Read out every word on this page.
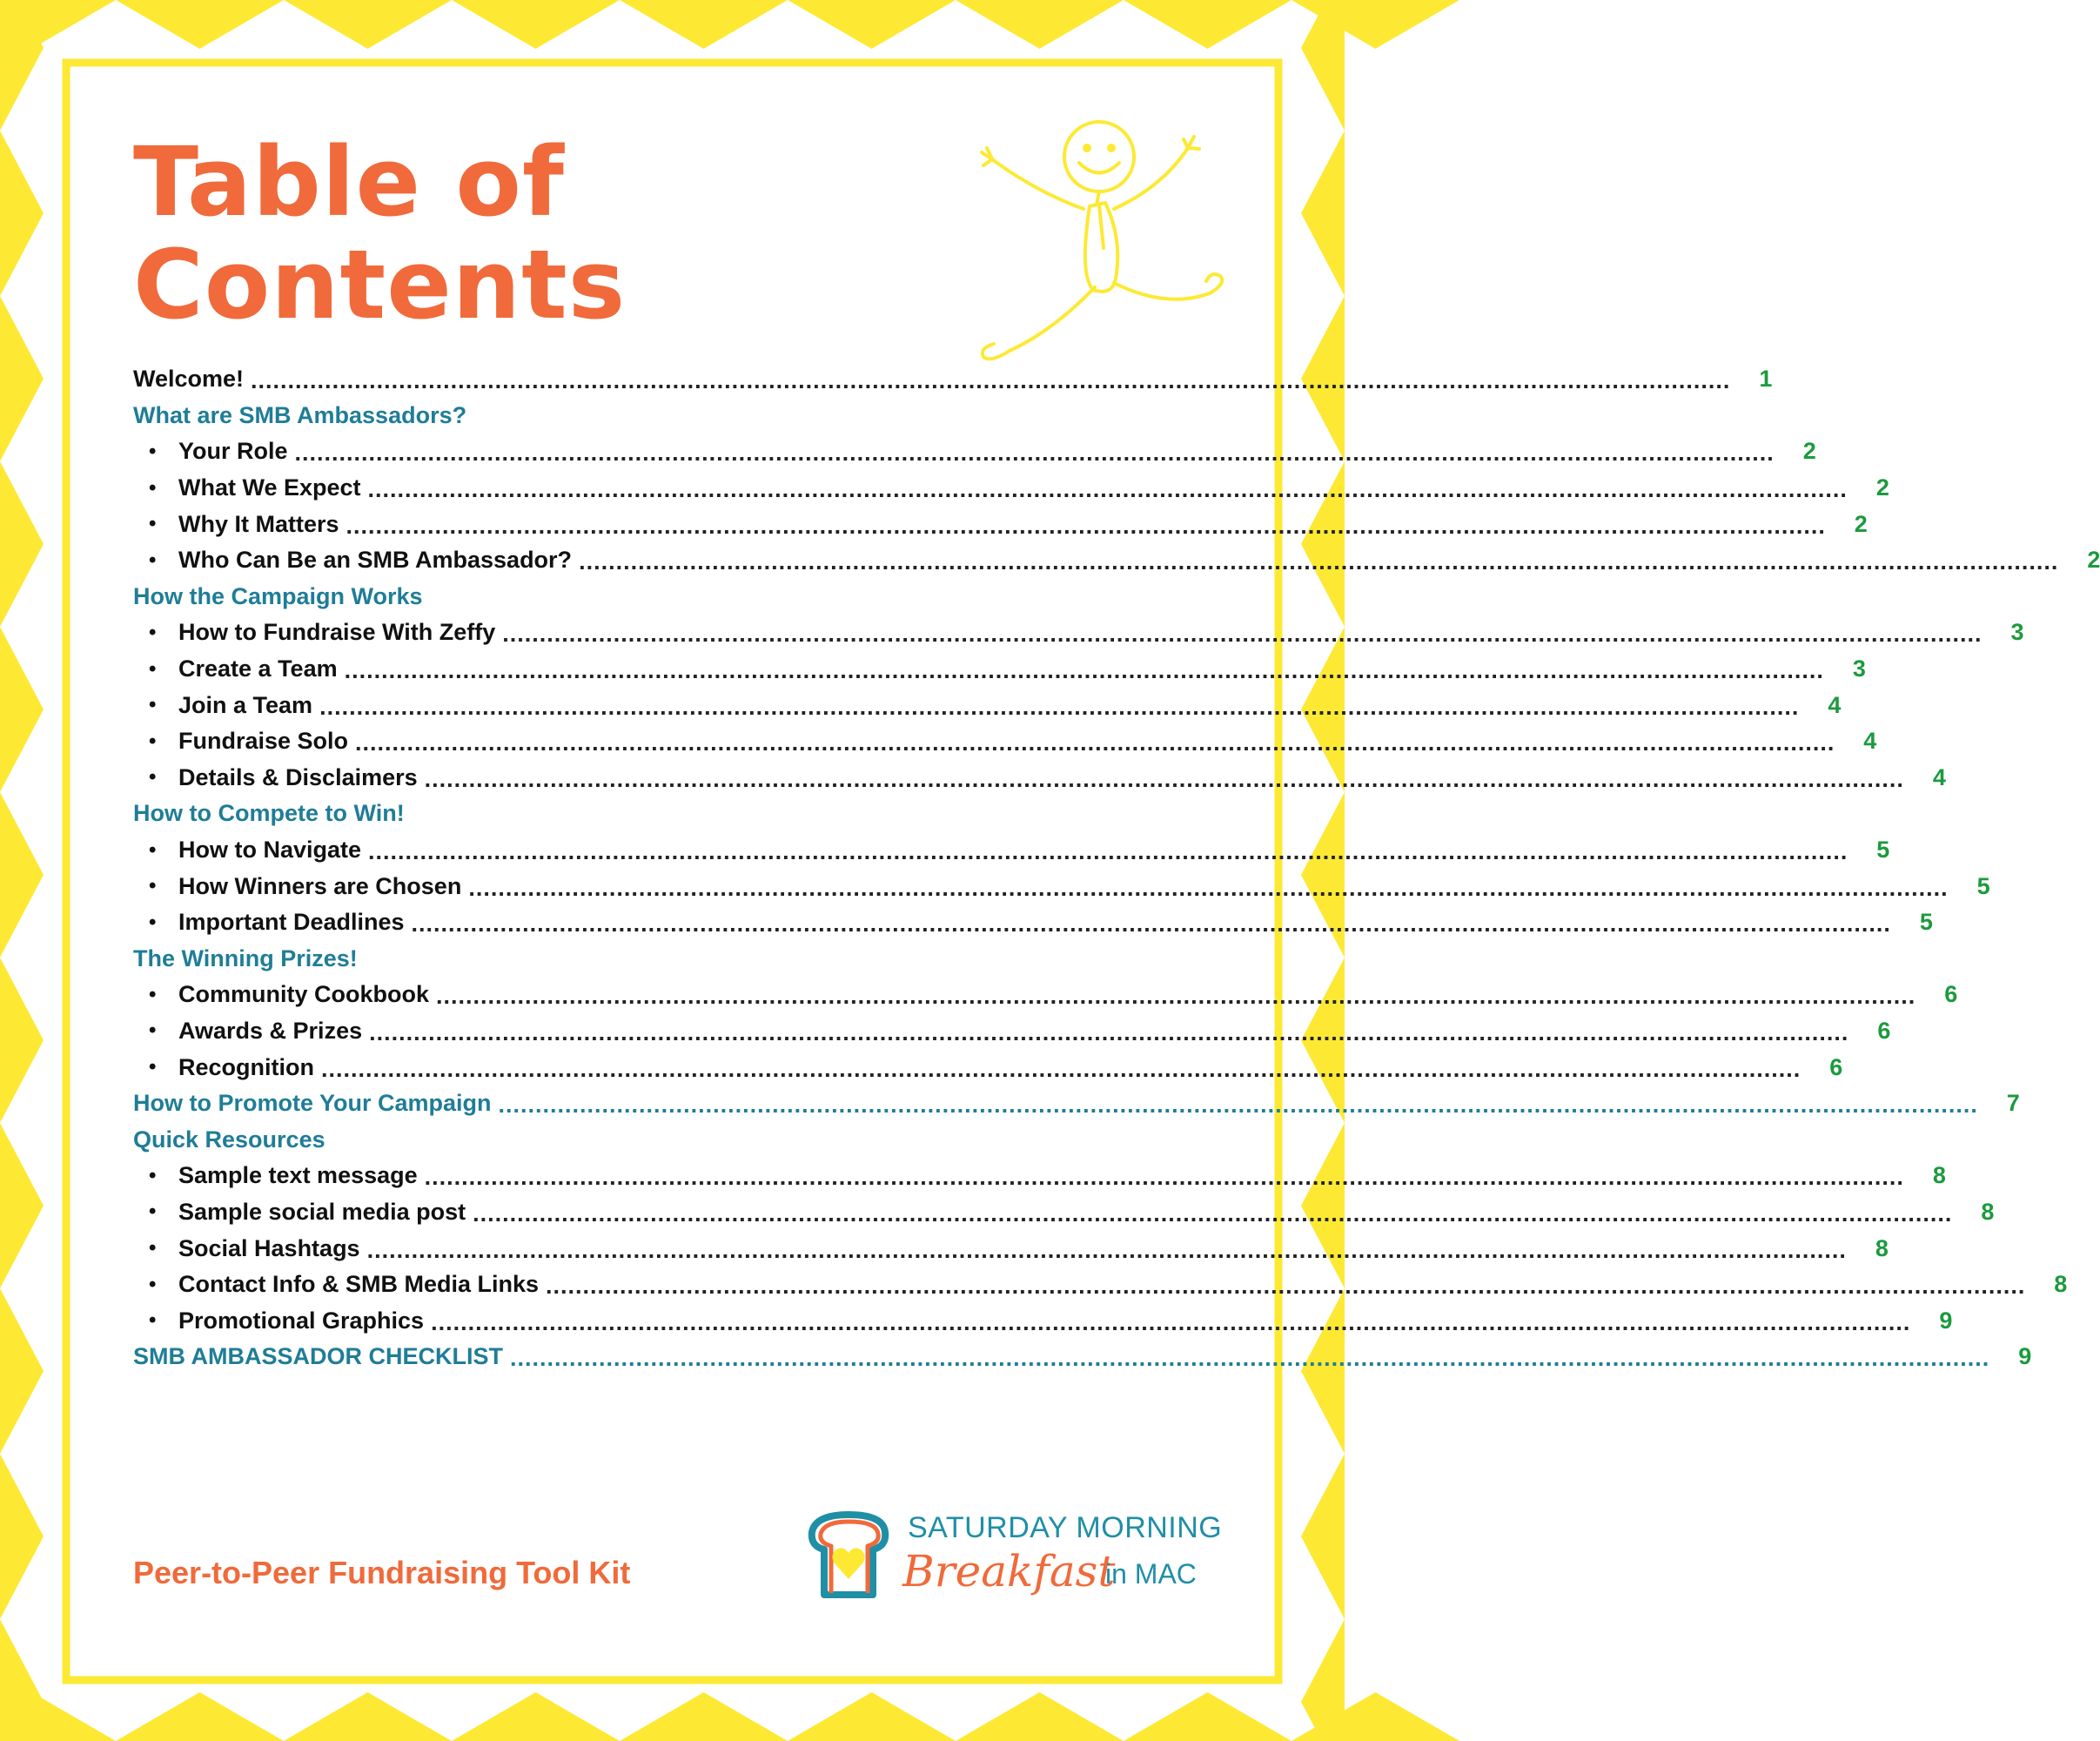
Table of
Contents
Welcome! ........................................................................................................................................................................................................	1
What are SMB Ambassadors?
• Your Role ........................................................................................................................................................................................................	2
• What We Expect ........................................................................................................................................................................................................	2
• Why It Matters ........................................................................................................................................................................................................	2
• Who Can Be an SMB Ambassador? ........................................................................................................................................................................................................	2
How the Campaign Works
• How to Fundraise With Zeffy ........................................................................................................................................................................................................	3
• Create a Team ........................................................................................................................................................................................................	3
• Join a Team ........................................................................................................................................................................................................	4
• Fundraise Solo ........................................................................................................................................................................................................	4
• Details & Disclaimers ........................................................................................................................................................................................................	4
How to Compete to Win!
• How to Navigate ........................................................................................................................................................................................................	5
• How Winners are Chosen ........................................................................................................................................................................................................	5
• Important Deadlines ........................................................................................................................................................................................................	5
The Winning Prizes!
• Community Cookbook ........................................................................................................................................................................................................	6
• Awards & Prizes ........................................................................................................................................................................................................	6
• Recognition ........................................................................................................................................................................................................	6
How to Promote Your Campaign ........................................................................................................................................................................................................	7
Quick Resources
• Sample text message ........................................................................................................................................................................................................	8
• Sample social media post ........................................................................................................................................................................................................	8
• Social Hashtags ........................................................................................................................................................................................................	8
• Contact Info & SMB Media Links ........................................................................................................................................................................................................	8
• Promotional Graphics ........................................................................................................................................................................................................	9
SMB AMBASSADOR CHECKLIST ........................................................................................................................................................................................................	9
Peer-to-Peer Fundraising Tool Kit
SATURDAY MORNING
Breakfast
in MAC
